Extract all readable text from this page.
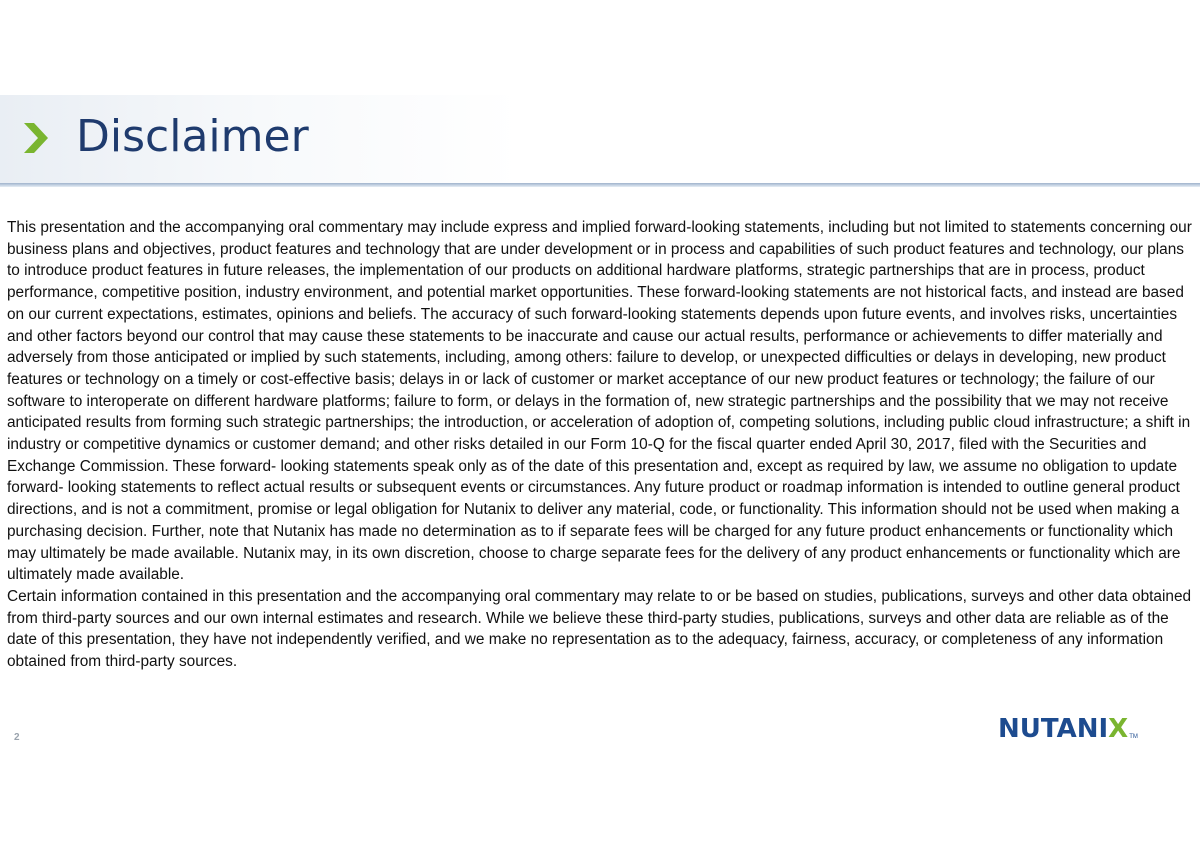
Disclaimer

This presentation and the accompanying oral commentary may include express and implied forward-looking statements, including but not limited to statements concerning our business plans and objectives, product features and technology that are under development or in process and capabilities of such product features and technology, our plans to introduce product features in future releases, the implementation of our products on additional hardware platforms, strategic partnerships that are in process, product performance, competitive position, industry environment, and potential market opportunities. These forward-looking statements are not historical facts, and instead are based on our current expectations, estimates, opinions and beliefs. The accuracy of such forward-looking statements depends upon future events, and involves risks, uncertainties and other factors beyond our control that may cause these statements to be inaccurate and cause our actual results, performance or achievements to differ materially and adversely from those anticipated or implied by such statements, including, among others: failure to develop, or unexpected difficulties or delays in developing, new product features or technology on a timely or cost-effective basis; delays in or lack of customer or market acceptance of our new product features or technology; the failure of our software to interoperate on different hardware platforms; failure to form, or delays in the formation of, new strategic partnerships and the possibility that we may not receive anticipated results from forming such strategic partnerships; the introduction, or acceleration of adoption of, competing solutions, including public cloud infrastructure; a shift in industry or competitive dynamics or customer demand; and other risks detailed in our Form 10-Q for the fiscal quarter ended April 30, 2017, filed with the Securities and Exchange Commission. These forward- looking statements speak only as of the date of this presentation and, except as required by law, we assume no obligation to update forward- looking statements to reflect actual results or subsequent events or circumstances. Any future product or roadmap information is intended to outline general product directions, and is not a commitment, promise or legal obligation for Nutanix to deliver any material, code, or functionality. This information should not be used when making a purchasing decision. Further, note that Nutanix has made no determination as to if separate fees will be charged for any future product enhancements or functionality which may ultimately be made available. Nutanix may, in its own discretion, choose to charge separate fees for the delivery of any product enhancements or functionality which are ultimately made available.

Certain information contained in this presentation and the accompanying oral commentary may relate to or be based on studies, publications, surveys and other data obtained from third-party sources and our own internal estimates and research. While we believe these third-party studies, publications, surveys and other data are reliable as of the date of this presentation, they have not independently verified, and we make no representation as to the adequacy, fairness, accuracy, or completeness of any information obtained from third-party sources.

2	NUTANIX TM
